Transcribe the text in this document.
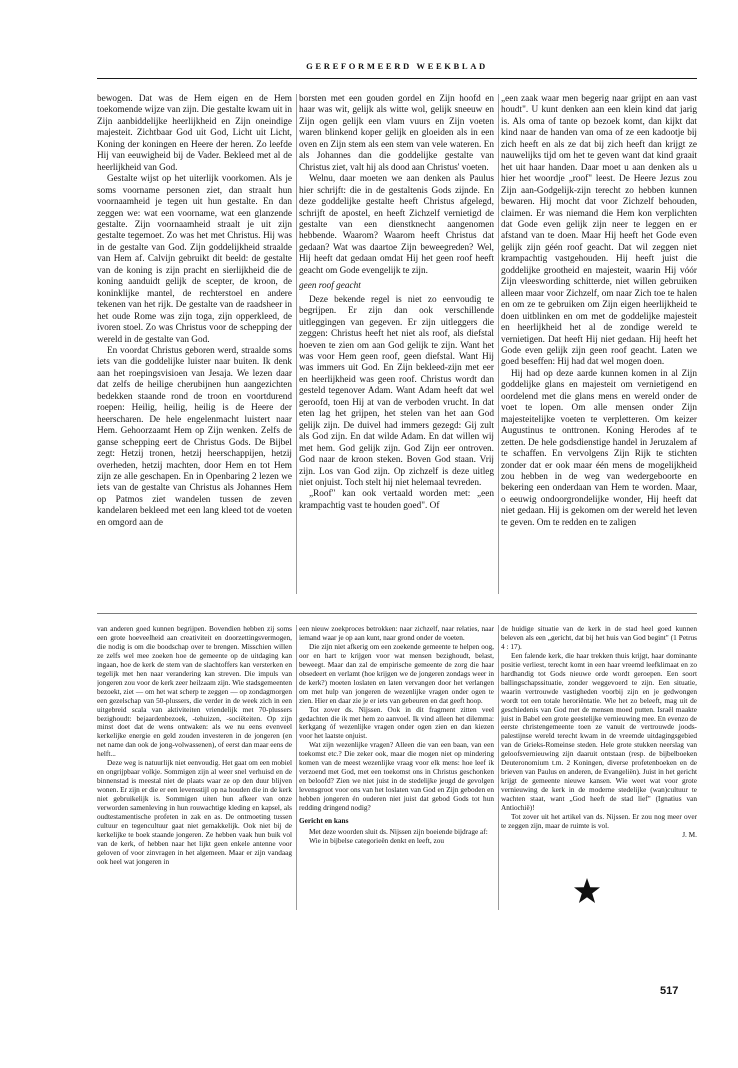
GEREFORMEERD WEEKBLAD

bewogen. Dat was de Hem eigen en de Hem toekomende wijze van zijn. Die gestalte kwam uit in Zijn aanbiddelijke heerlijkheid en Zijn oneindige majesteit. Zichtbaar God uit God, Licht uit Licht, Koning der koningen en Heere der heren. Zo leefde Hij van eeuwigheid bij de Vader. Bekleed met al de heerlijkheid van God.

Gestalte wijst op het uiterlijk voorkomen. Als je soms voorname personen ziet, dan straalt hun voornaamheid je tegen uit hun gestalte. En dan zeggen we: wat een voorname, wat een glanzende gestalte. Zijn voornaamheid straalt je uit zijn gestalte tegemoet. Zo was het met Christus. Hij was in de gestalte van God. Zijn goddelijkheid straalde van Hem af. Calvijn gebruikt dit beeld: de gestalte van de koning is zijn pracht en sierlijkheid die de koning aanduidt gelijk de scepter, de kroon, de koninklijke mantel, de rechterstoel en andere tekenen van het rijk. De gestalte van de raadsheer in het oude Rome was zijn toga, zijn opperkleed, de ivoren stoel. Zo was Christus voor de schepping der wereld in de gestalte van God.

En voordat Christus geboren werd, straalde soms iets van die goddelijke luister naar buiten. Ik denk aan het roepingsvisioen van Jesaja. We lezen daar dat zelfs de heilige cherubijnen hun aangezichten bedekken staande rond de troon en voortdurend roepen: Heilig, heilig, heilig is de Heere der heerscharen. De hele engelenmacht luistert naar Hem. Gehoorzaamt Hem op Zijn wenken. Zelfs de ganse schepping eert de Christus Gods. De Bijbel zegt: Hetzij tronen, hetzij heerschappijen, hetzij overheden, hetzij machten, door Hem en tot Hem zijn ze alle geschapen. En in Openbaring 2 lezen we iets van de gestalte van Christus als Johannes Hem op Patmos ziet wandelen tussen de zeven kandelaren bekleed met een lang kleed tot de voeten en omgord aan de

borsten met een gouden gordel en Zijn hoofd en haar was wit, gelijk als witte wol, gelijk sneeuw en Zijn ogen gelijk een vlam vuurs en Zijn voeten waren blinkend koper gelijk en gloeiden als in een oven en Zijn stem als een stem van vele wateren. En als Johannes dan die goddelijke gestalte van Christus ziet, valt hij als dood aan Christus' voeten.

Welnu, daar moeten we aan denken als Paulus hier schrijft: die in de gestaltenis Gods zijnde. En deze goddelijke gestalte heeft Christus afgelegd, schrijft de apostel, en heeft Zichzelf vernietigd de gestalte van een dienstknecht aangenomen hebbende. Waarom? Waarom heeft Christus dat gedaan? Wat was daartoe Zijn beweegreden? Wel, Hij heeft dat gedaan omdat Hij het geen roof heeft geacht om Gode evengelijk te zijn.

geen roof geacht

Deze bekende regel is niet zo eenvoudig te begrijpen. Er zijn dan ook verschillende uitleggingen van gegeven. Er zijn uitleggers die zeggen: Christus heeft het niet als roof, als diefstal hoeven te zien om aan God gelijk te zijn. Want het was voor Hem geen roof, geen diefstal. Want Hij was immers uit God. En Zijn bekleed-zijn met eer en heerlijkheid was geen roof. Christus wordt dan gesteld tegenover Adam. Want Adam heeft dat wel geroofd, toen Hij at van de verboden vrucht. In dat eten lag het grijpen, het stelen van het aan God gelijk zijn. De duivel had immers gezegd: Gij zult als God zijn. En dat wilde Adam. En dat willen wij met hem. God gelijk zijn. God Zijn eer ontroven. God naar de kroon steken. Boven God staan. Vrij zijn. Los van God zijn. Op zichzelf is deze uitleg niet onjuist. Toch stelt hij niet helemaal tevreden.

„Roof" kan ook vertaald worden met: „een krampachtig vast te houden goed". Of

„een zaak waar men begerig naar grijpt en aan vast houdt". U kunt denken aan een klein kind dat jarig is. Als oma of tante op bezoek komt, dan kijkt dat kind naar de handen van oma of ze een kadootje bij zich heeft en als ze dat bij zich heeft dan krijgt ze nauwelijks tijd om het te geven want dat kind graait het uit haar handen. Daar moet u aan denken als u hier het woordje „roof" leest. De Heere Jezus zou Zijn aan-Godgelijk-zijn terecht zo hebben kunnen bewaren. Hij mocht dat voor Zichzelf behouden, claimen. Er was niemand die Hem kon verplichten dat Gode even gelijk zijn neer te leggen en er afstand van te doen. Maar Hij heeft het Gode even gelijk zijn géén roof geacht. Dat wil zeggen niet krampachtig vastgehouden. Hij heeft juist die goddelijke grootheid en majesteit, waarin Hij vóór Zijn vleeswording schitterde, niet willen gebruiken alleen maar voor Zichzelf, om naar Zich toe te halen en om ze te gebruiken om Zijn eigen heerlijkheid te doen uitblinken en om met de goddelijke majesteit en heerlijkheid het al de zondige wereld te vernietigen. Dat heeft Hij niet gedaan. Hij heeft het Gode even gelijk zijn geen roof geacht. Laten we goed beseffen: Hij had dat wel mogen doen.

Hij had op deze aarde kunnen komen in al Zijn goddelijke glans en majesteit om vernietigend en oordelend met die glans mens en wereld onder de voet te lopen. Om alle mensen onder Zijn majesteitelijke voeten te verpletteren. Om keizer Augustinus te onttronen. Koning Herodes af te zetten. De hele godsdienstige handel in Jeruzalem af te schaffen. En vervolgens Zijn Rijk te stichten zonder dat er ook maar één mens de mogelijkheid zou hebben in de weg van wedergeboorte en bekering een onderdaan van Hem te worden. Maar, o eeuwig ondoorgrondelijke wonder, Hij heeft dat niet gedaan. Hij is gekomen om der wereld het leven te geven. Om te redden en te zaligen

van anderen goed kunnen begrijpen. Bovendien hebben zij soms een grote hoeveelheid aan creativiteit en doorzettingsvermogen, die nodig is om die boodschap over te brengen. Misschien willen ze zelfs wel mee zoeken hoe de gemeente op de uitdaging kan ingaan, hoe de kerk de stem van de slachtoffers kan versterken en tegelijk met hen naar verandering kan streven. Die impuls van jongeren zou voor de kerk zeer heilzaam zijn. Wie stadsgemeenten bezoekt, ziet — om het wat scherp te zeggen — op zondagmorgen een gezelschap van 50-plussers, die verder in de week zich in een uitgebreid scala van aktiviteiten vriendelijk met 70-plussers bezighoudt: bejaardenbezoek, -tehuizen, -sociëteiten. Op zijn minst doet dat de wens ontwaken: als we nu eens evenveel kerkelijke energie en geld zouden investeren in de jongeren (en net name dan ook de jong-volwassenen), of eerst dan maar eens de helft...

Deze weg is natuurlijk niet eenvoudig. Het gaat om een mobiel en ongrijpbaar volkje. Sommigen zijn al weer snel verhuisd en de binnenstad is meestal niet de plaats waar ze op den duur blijven wonen. Er zijn er die er een levensstijl op na houden die in de kerk niet gebruikelijk is. Sommigen uiten hun afkeer van onze verworden samenleving in hun rouwachtige kleding en kapsel, als oudtestamentische profeten in zak en as. De ontmoeting tussen cultuur en tegencultuur gaat niet gemakkelijk. Ook niet bij de kerkelijke te boek staande jongeren. Ze hebben vaak hun buik vol van de kerk, of hebben naar het lijkt geen enkele antenne voor geloven of voor zinvragen in het algemeen. Maar er zijn vandaag ook heel wat jongeren in

een nieuw zoekproces betrokken: naar zichzelf, naar relaties, naar iemand waar je op aan kunt, naar grond onder de voeten.

Die zijn niet afkerig om een zoekende gemeente te helpen oog, oor en hart te krijgen voor wat mensen bezighoudt, belast, beweegt. Maar dan zal de empirische gemeente de zorg die haar obsedeert en verlamt (hoe krijgen we de jongeren zondags weer in de kerk?) moeten loslaten en laten vervangen door het verlangen om met hulp van jongeren de wezenlijke vragen onder ogen te zien. Hier en daar zie je er iets van gebeuren en dat geeft hoop.

Tot zover ds. Nijssen. Ook in dit fragment zitten veel gedachten die ik met hem zo aanvoel. Ik vind alleen het dilemma: kerkgang óf wezenlijke vragen onder ogen zien en dan kiezen voor het laatste onjuist.

Wat zijn wezenlijke vragen? Alleen die van een baan, van een toekomst etc.? Die zeker ook, maar die mogen niet op mindering komen van de meest wezenlijke vraag voor elk mens: hoe leef ik verzoend met God, met een toekomst ons in Christus geschonken en beloofd? Zien we niet juist in de stedelijke jeugd de gevolgen levensgroot voor ons van het loslaten van God en Zijn geboden en hebben jongeren én ouderen niet juist dat gebod Gods tot hun redding dringend nodig?

Gericht en kans

Met deze woorden sluit ds. Nijssen zijn boeiende bijdrage af:

Wie in bijbelse categorieën denkt en leeft, zou

de huidige situatie van de kerk in de stad heel goed kunnen beleven als een „gericht, dat bij het huis van God begint" (1 Petrus 4 : 17).

Een falende kerk, die haar trekken thuis krijgt, haar dominante positie verliest, terecht komt in een haar vreemd leefklimaat en zo hardhandig tot Gods nieuwe orde wordt geroepen. Een soort ballingschapssituatie, zonder weggevoerd te zijn. Een situatie, waarin vertrouwde vastigheden voorbij zijn en je gedwongen wordt tot een totale heroriëntatie. Wie het zo beleeft, mag uit de geschiedenis van God met de mensen moed putten. Israël maakte juist in Babel een grote geestelijke vernieuwing mee. En evenzo de eerste christengemeente toen ze vanuit de vertrouwde joods-palestijnse wereld terecht kwam in de vreemde uitdagingsgebied van de Grieks-Romeinse steden. Hele grote stukken neerslag van geloofsvernieuwing zijn daaruit ontstaan (resp. de bijbelboeken Deuteronomium t.m. 2 Koningen, diverse profetenboeken en de brieven van Paulus en anderen, de Evangeliën). Juist in het gericht krijgt de gemeente nieuwe kansen. Wie weet wat voor grote vernieuwing de kerk in de moderne stedelijke (wan)cultuur te wachten staat, want „God heeft de stad lief" (Ignatius van Antiochië)!

Tot zover uit het artikel van ds. Nijssen. Er zou nog meer over te zeggen zijn, maar de ruimte is vol.

J. M.

517
